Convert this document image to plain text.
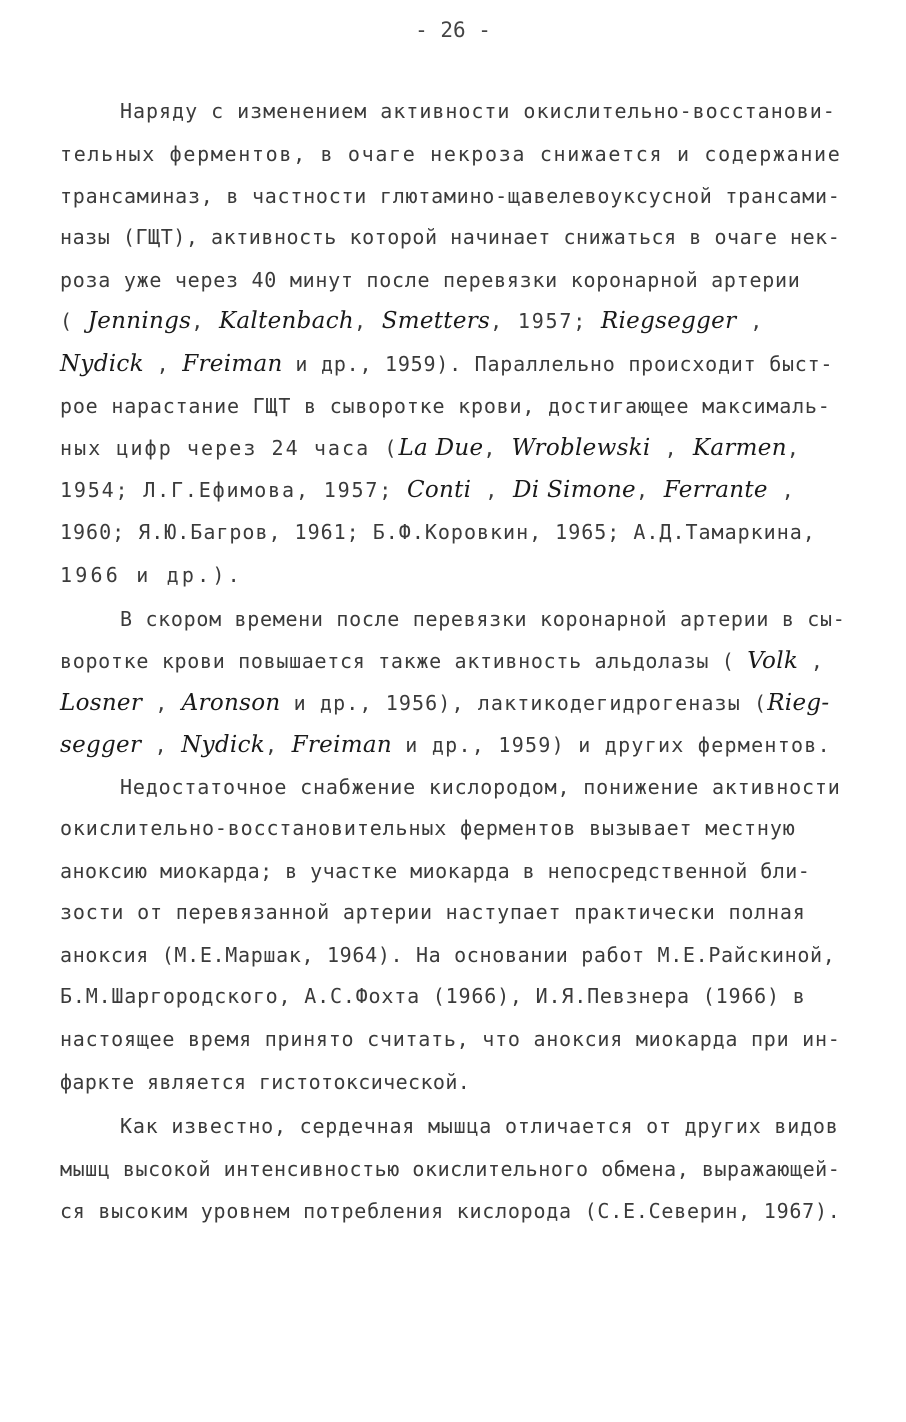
- 26 -
Наряду с изменением активности окислительно-восстанови-
тельных ферментов, в очаге некроза снижается и содержание
трансаминаз, в частности глютамино-щавелевоуксусной трансами-
назы (ГЩТ), активность которой начинает снижаться в очаге нек-
роза уже через 40 минут после перевязки коронарной артерии
( Jennings, Kaltenbach, Smetters, 1957; Riegsegger ,
Nydick , Freiman и др., 1959). Параллельно происходит быст-
рое нарастание ГЩТ в сыворотке крови, достигающее максималь-
ных цифр через 24 часа (La Due, Wroblewski , Karmen,
1954; Л.Г.Ефимова, 1957; Conti , Di Simone, Ferrante ,
1960; Я.Ю.Багров, 1961; Б.Ф.Коровкин, 1965; А.Д.Тамаркина,
1966 и др.).
В скором времени после перевязки коронарной артерии в сы-
воротке крови повышается также активность альдолазы ( Volk ,
Losner , Aronson и др., 1956), лактикодегидрогеназы (Rieg-
segger , Nydick, Freiman и др., 1959) и других ферментов.
Недостаточное снабжение кислородом, понижение активности
окислительно-восстановительных ферментов вызывает местную
аноксию миокарда; в участке миокарда в непосредственной бли-
зости от перевязанной артерии наступает практически полная
аноксия (М.Е.Маршак, 1964). На основании работ М.Е.Райскиной,
Б.М.Шаргородского, А.С.Фохта (1966), И.Я.Певзнера (1966) в
настоящее время принято считать, что аноксия миокарда при ин-
фаркте является гистотоксической.
Как известно, сердечная мышца отличается от других видов
мышц высокой интенсивностью окислительного обмена, выражающей-
ся высоким уровнем потребления кислорода (С.Е.Северин, 1967).
